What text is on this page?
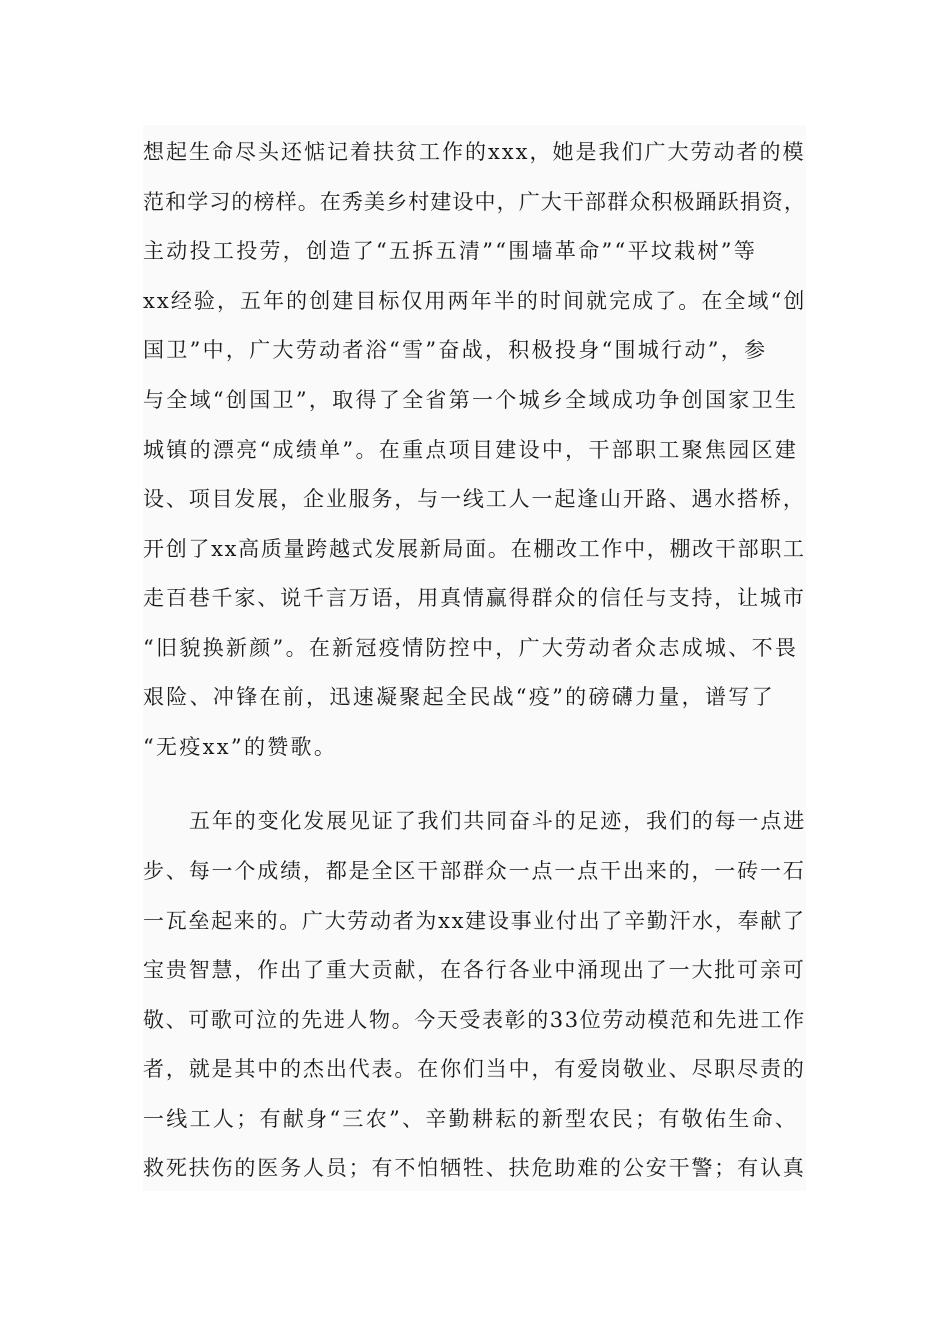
想起生命尽头还惦记着扶贫工作的xxx，她是我们广大劳动者的模
范和学习的榜样。在秀美乡村建设中，广大干部群众积极踊跃捐资，
主动投工投劳，创造了“五拆五清”“围墙革命”“平坟栽树”等
xx经验，五年的创建目标仅用两年半的时间就完成了。在全域“创
国卫”中，广大劳动者浴“雪”奋战，积极投身“围城行动”，参
与全域“创国卫”，取得了全省第一个城乡全域成功争创国家卫生
城镇的漂亮“成绩单”。在重点项目建设中，干部职工聚焦园区建
设、项目发展，企业服务，与一线工人一起逢山开路、遇水搭桥，
开创了xx高质量跨越式发展新局面。在棚改工作中，棚改干部职工
走百巷千家、说千言万语，用真情赢得群众的信任与支持，让城市
“旧貌换新颜”。在新冠疫情防控中，广大劳动者众志成城、不畏
艰险、冲锋在前，迅速凝聚起全民战“疫”的磅礴力量，谱写了
“无疫xx”的赞歌。
五年的变化发展见证了我们共同奋斗的足迹，我们的每一点进
步、每一个成绩，都是全区干部群众一点一点干出来的，一砖一石
一瓦垒起来的。广大劳动者为xx建设事业付出了辛勤汗水，奉献了
宝贵智慧，作出了重大贡献，在各行各业中涌现出了一大批可亲可
敬、可歌可泣的先进人物。今天受表彰的33位劳动模范和先进工作
者，就是其中的杰出代表。在你们当中，有爱岗敬业、尽职尽责的
一线工人；有献身“三农”、辛勤耕耘的新型农民；有敬佑生命、
救死扶伤的医务人员；有不怕牺牲、扶危助难的公安干警；有认真
